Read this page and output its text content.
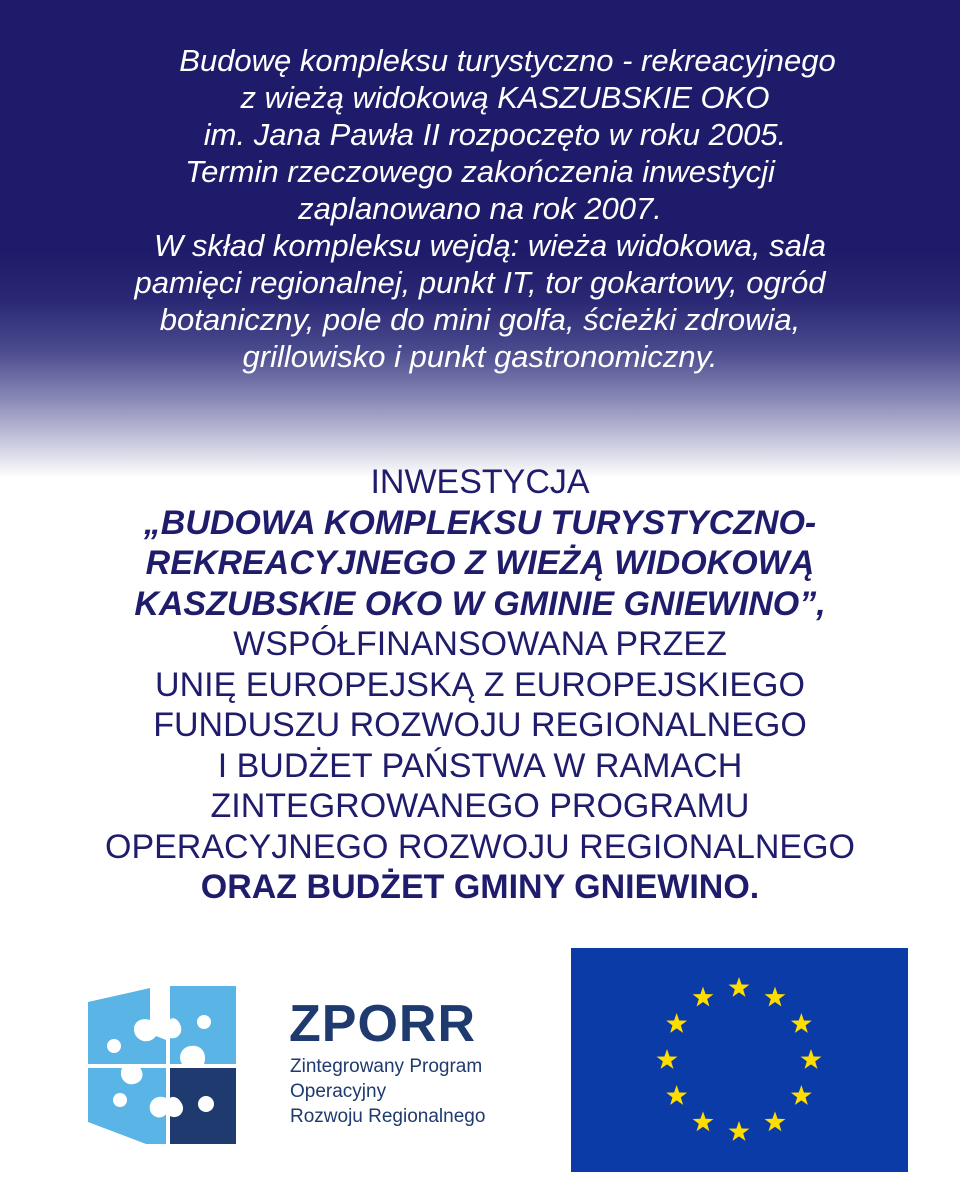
Budowę kompleksu turystyczno - rekreacyjnego
z wieżą widokową KASZUBSKIE OKO
im. Jana Pawła II rozpoczęto w roku 2005.
Termin rzeczowego zakończenia inwestycji
zaplanowano na rok 2007.
W skład kompleksu wejdą: wieża widokowa, sala
pamięci regionalnej, punkt IT, tor gokartowy, ogród
botaniczny, pole do mini golfa, ścieżki zdrowia,
grillowisko i punkt gastronomiczny.

INWESTYCJA
„BUDOWA KOMPLEKSU TURYSTYCZNO-
REKREACYJNEGO Z WIEŻĄ WIDOKOWĄ
KASZUBSKIE OKO W GMINIE GNIEWINO”,
WSPÓŁFINANSOWANA PRZEZ
UNIĘ EUROPEJSKĄ Z EUROPEJSKIEGO
FUNDUSZU ROZWOJU REGIONALNEGO
I BUDŻET PAŃSTWA W RAMACH
ZINTEGROWANEGO PROGRAMU
OPERACYJNEGO ROZWOJU REGIONALNEGO
ORAZ BUDŻET GMINY GNIEWINO.
ZPORR
Zintegrowany Program
Operacyjny
Rozwoju Regionalnego
